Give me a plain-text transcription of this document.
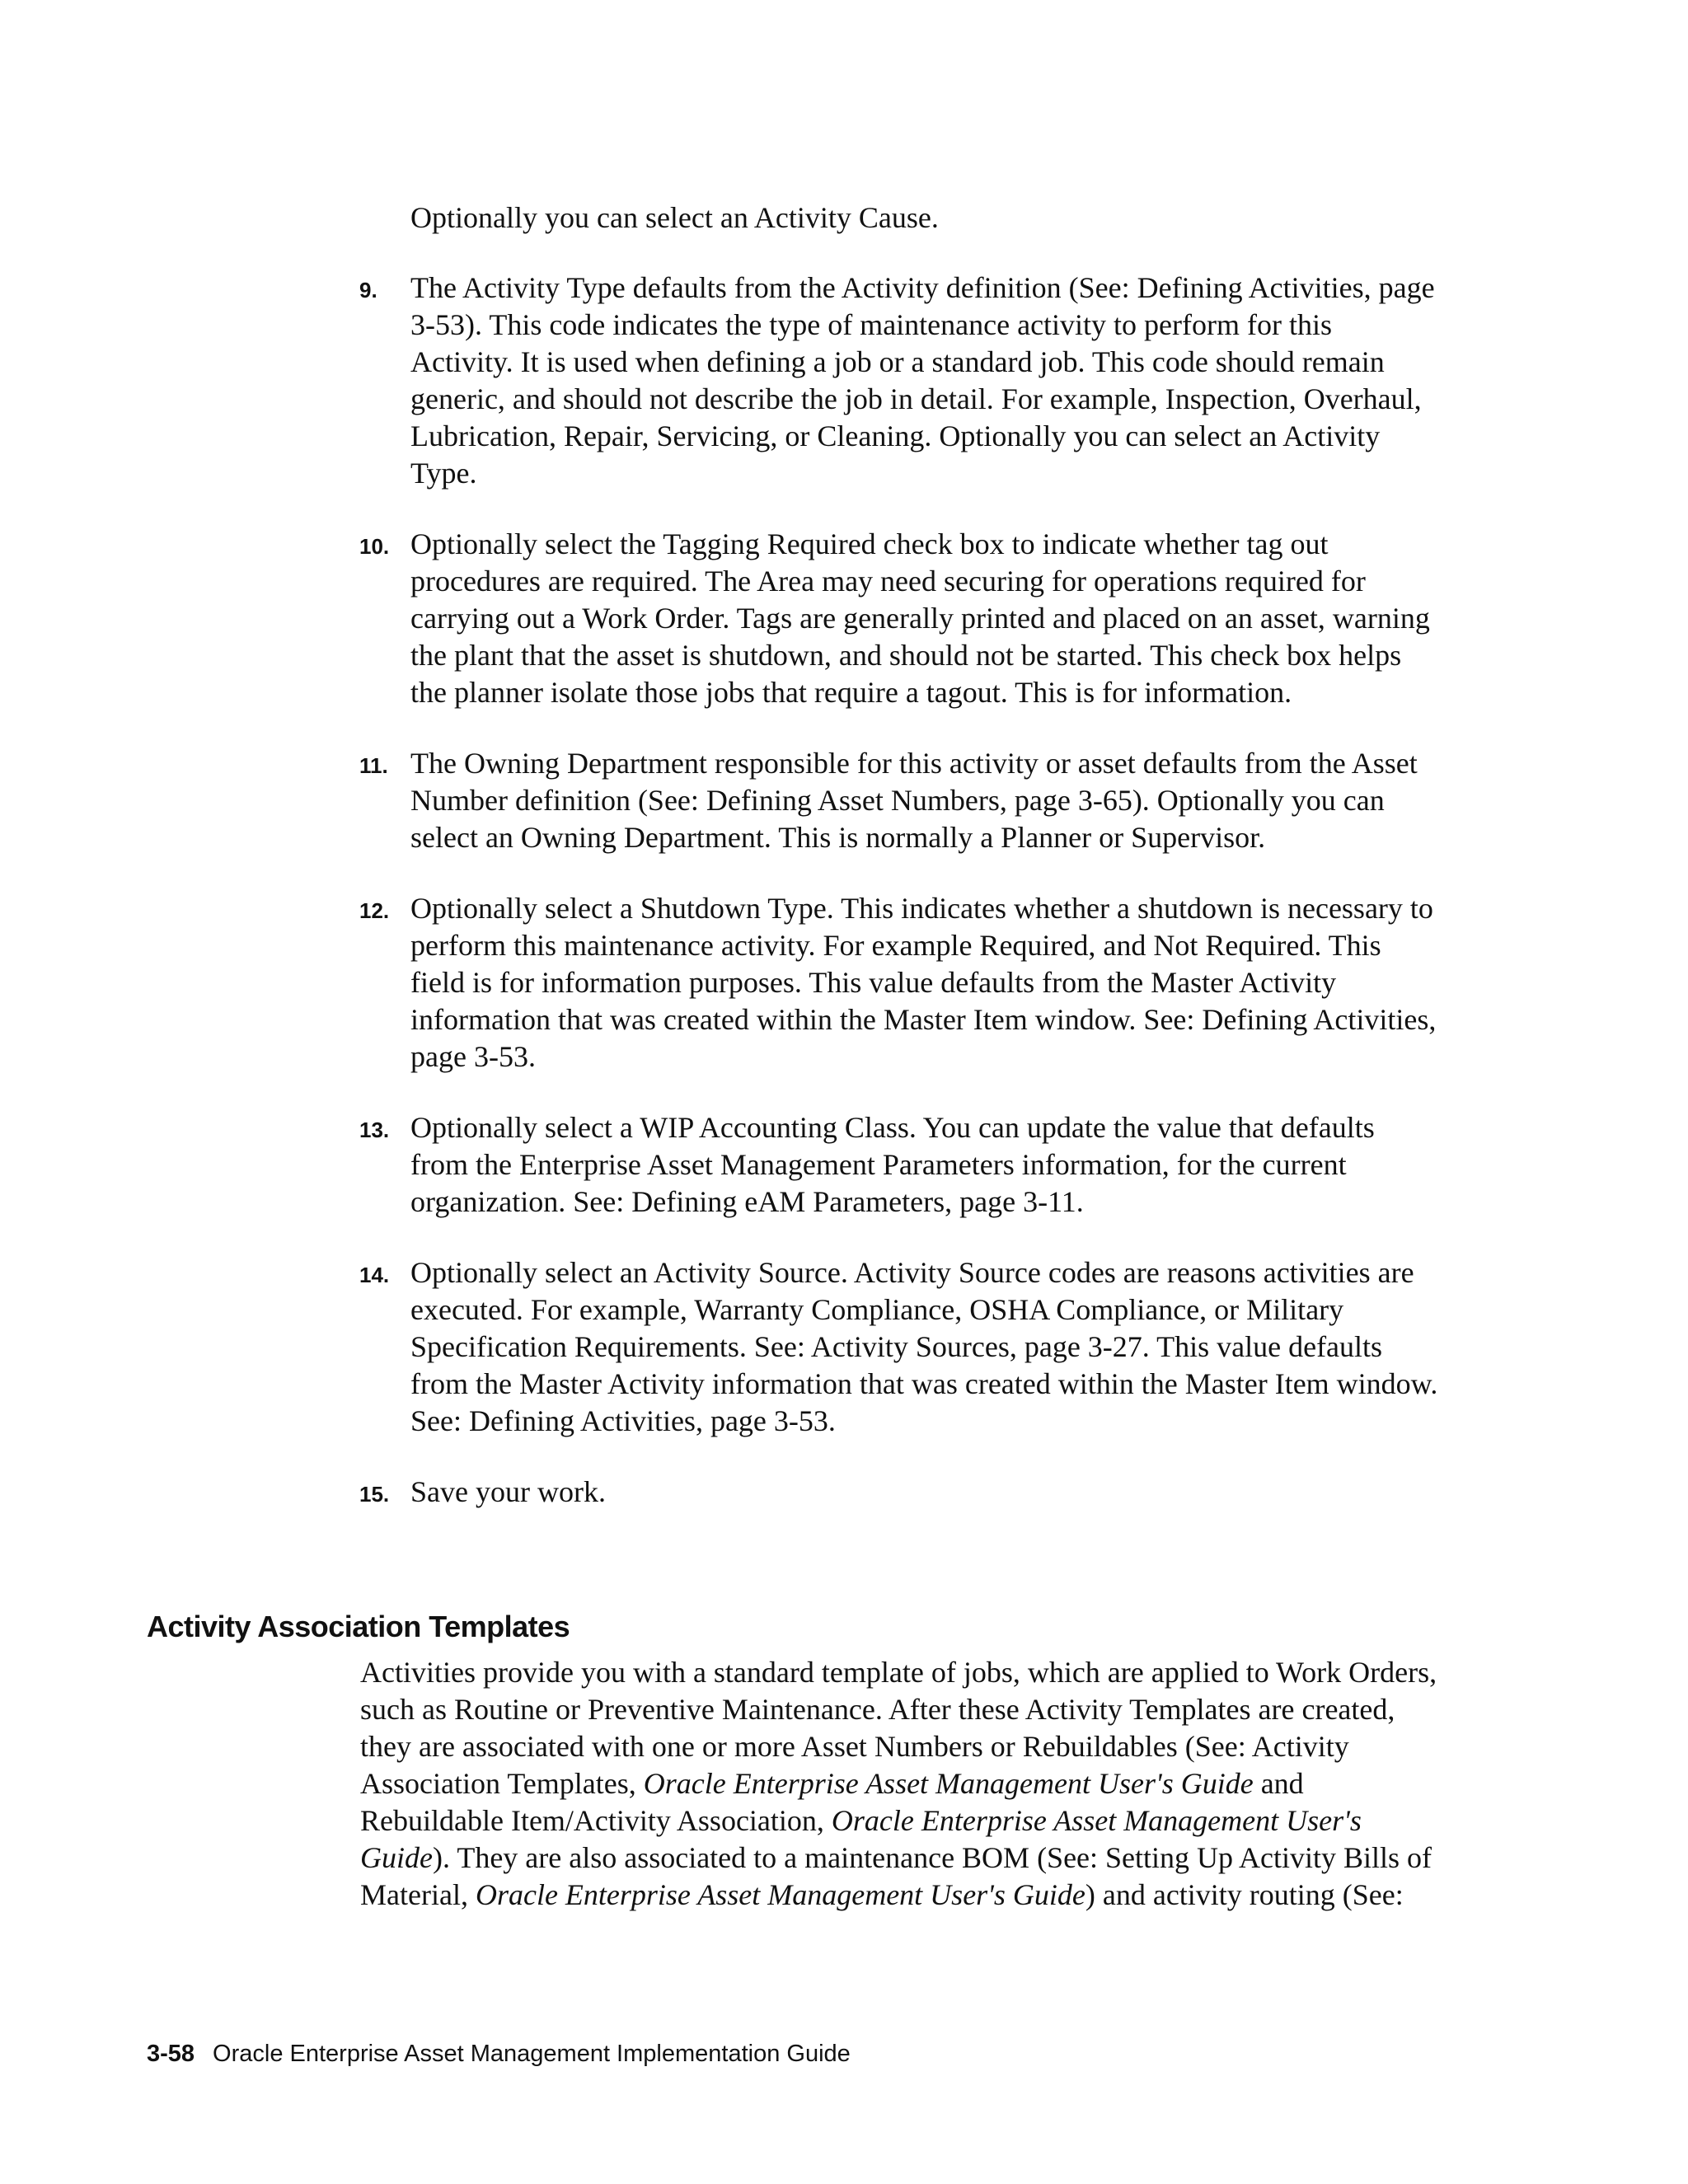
Optionally you can select an Activity Cause.

9. The Activity Type defaults from the Activity definition (See: Defining Activities, page 3-53). This code indicates the type of maintenance activity to perform for this Activity. It is used when defining a job or a standard job. This code should remain generic, and should not describe the job in detail. For example, Inspection, Overhaul, Lubrication, Repair, Servicing, or Cleaning. Optionally you can select an Activity Type.
10. Optionally select the Tagging Required check box to indicate whether tag out procedures are required. The Area may need securing for operations required for carrying out a Work Order. Tags are generally printed and placed on an asset, warning the plant that the asset is shutdown, and should not be started. This check box helps the planner isolate those jobs that require a tagout. This is for information.
11. The Owning Department responsible for this activity or asset defaults from the Asset Number definition (See: Defining Asset Numbers, page 3-65). Optionally you can select an Owning Department. This is normally a Planner or Supervisor.
12. Optionally select a Shutdown Type. This indicates whether a shutdown is necessary to perform this maintenance activity. For example Required, and Not Required. This field is for information purposes. This value defaults from the Master Activity information that was created within the Master Item window. See: Defining Activities, page 3-53.
13. Optionally select a WIP Accounting Class. You can update the value that defaults from the Enterprise Asset Management Parameters information, for the current organization. See: Defining eAM Parameters, page 3-11.
14. Optionally select an Activity Source. Activity Source codes are reasons activities are executed. For example, Warranty Compliance, OSHA Compliance, or Military Specification Requirements. See: Activity Sources, page 3-27. This value defaults from the Master Activity information that was created within the Master Item window. See: Defining Activities, page 3-53.
15. Save your work.
Activity Association Templates

Activities provide you with a standard template of jobs, which are applied to Work Orders, such as Routine or Preventive Maintenance. After these Activity Templates are created, they are associated with one or more Asset Numbers or Rebuildables (See: Activity Association Templates, Oracle Enterprise Asset Management User's Guide and Rebuildable Item/Activity Association, Oracle Enterprise Asset Management User's Guide). They are also associated to a maintenance BOM (See: Setting Up Activity Bills of Material, Oracle Enterprise Asset Management User's Guide) and activity routing (See:

3-58 Oracle Enterprise Asset Management Implementation Guide
